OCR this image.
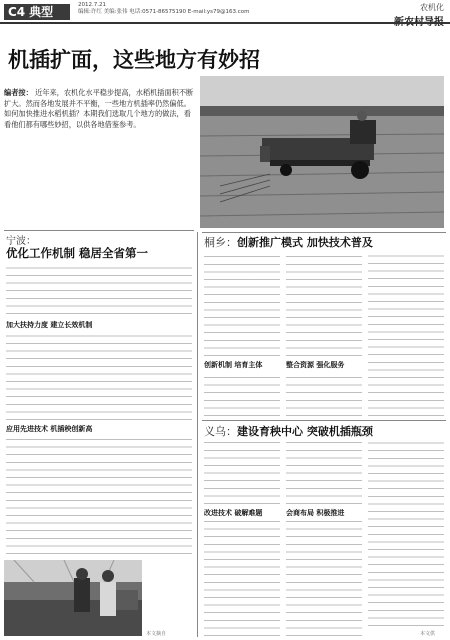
C4 典型	2012.7.21
编辑:许红 美编:张伟 电话:0571-86575190 E-mail:ys79@163.com	农机化
机插扩面，这些地方有妙招
编者按： 近年来，农机化水平稳步提高，水稻机插面积不断扩大。然而各地发展并不平衡，一些地方机插率仍然偏低。如何加快推进水稻机插？本期我们选取几个地方的做法，看看他们都有哪些妙招，以供各地借鉴参考。
宁波：
优化工作机制 稳居全省第一
加大扶持力度 建立长效机制
应用先进技术 机插秧创新高
本文摘自
桐乡：创新推广模式 加快技术普及
创新机制 培育主体	整合资源 强化服务
义乌：建设育秧中心 突破机插瓶颈
改进技术 破解难题	会商布局 积极推进
本文供
